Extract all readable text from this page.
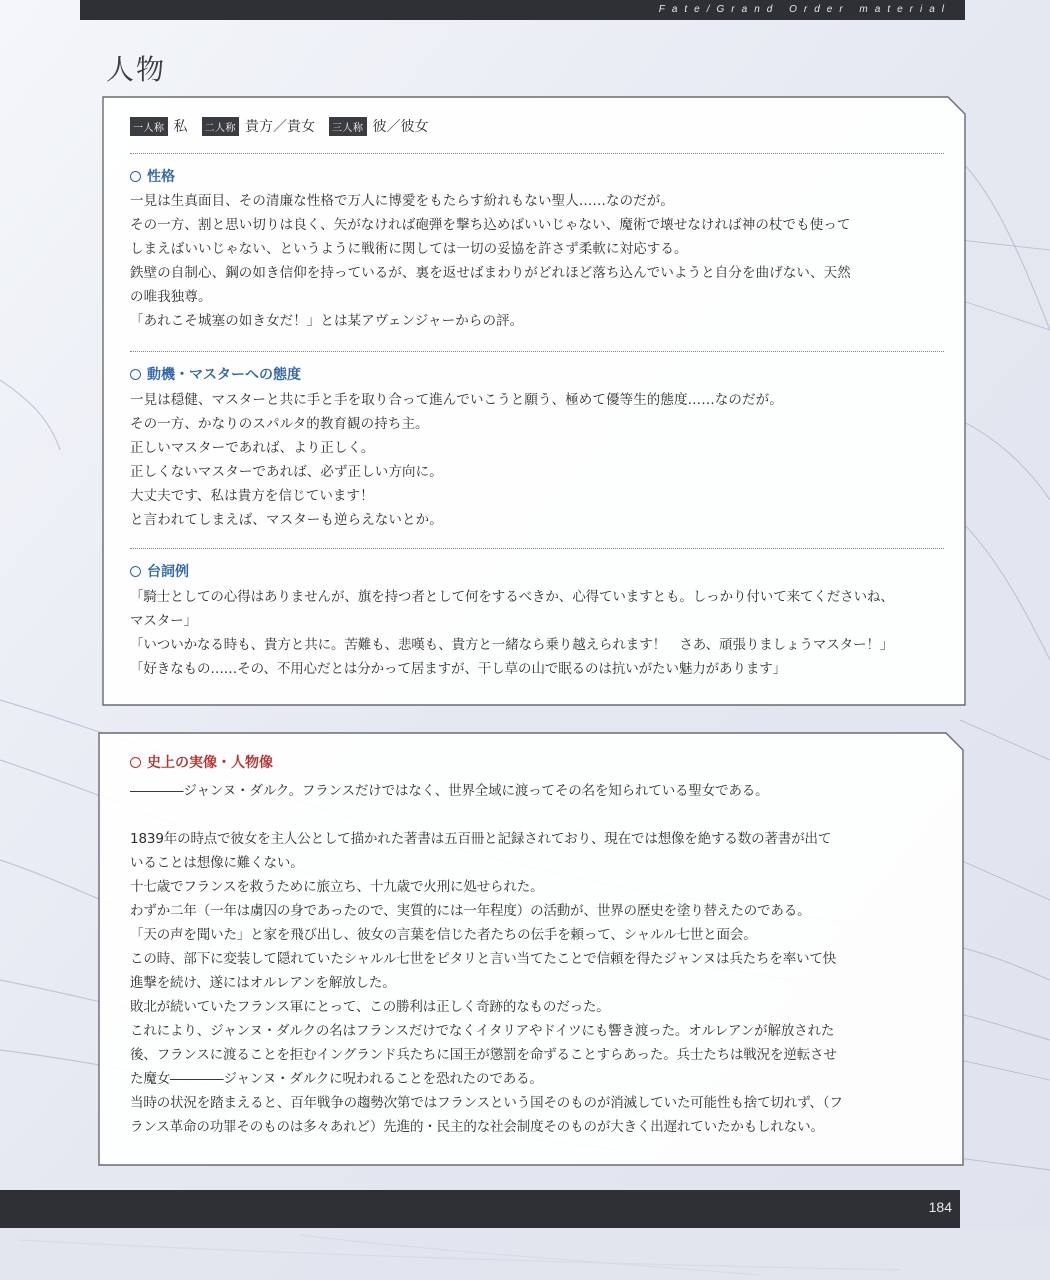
Fate/Grand Order material
人物
一人称 私	二人称 貴方／貴女	三人称 彼／彼女
性格
一見は生真面目、その清廉な性格で万人に博愛をもたらす紛れもない聖人……なのだが。
その一方、割と思い切りは良く、矢がなければ砲弾を撃ち込めばいいじゃない、魔術で壊せなければ神の杖でも使って
しまえばいいじゃない、というように戦術に関しては一切の妥協を許さず柔軟に対応する。
鉄壁の自制心、鋼の如き信仰を持っているが、裏を返せばまわりがどれほど落ち込んでいようと自分を曲げない、天然
の唯我独尊。
「あれこそ城塞の如き女だ！」とは某アヴェンジャーからの評。
動機・マスターへの態度
一見は穏健、マスターと共に手と手を取り合って進んでいこうと願う、極めて優等生的態度……なのだが。
その一方、かなりのスパルタ的教育観の持ち主。
正しいマスターであれば、より正しく。
正しくないマスターであれば、必ず正しい方向に。
大丈夫です、私は貴方を信じています！
と言われてしまえば、マスターも逆らえないとか。
台詞例
「騎士としての心得はありませんが、旗を持つ者として何をするべきか、心得ていますとも。しっかり付いて来てくださいね、
マスター」
「いついかなる時も、貴方と共に。苦難も、悲嘆も、貴方と一緒なら乗り越えられます！　さあ、頑張りましょうマスター！」
「好きなもの……その、不用心だとは分かって居ますが、干し草の山で眠るのは抗いがたい魅力があります」
史上の実像・人物像
――――ジャンヌ・ダルク。フランスだけではなく、世界全域に渡ってその名を知られている聖女である。
1839年の時点で彼女を主人公として描かれた著書は五百冊と記録されており、現在では想像を絶する数の著書が出て
いることは想像に難くない。
十七歳でフランスを救うために旅立ち、十九歳で火刑に処せられた。
わずか二年（一年は虜囚の身であったので、実質的には一年程度）の活動が、世界の歴史を塗り替えたのである。
「天の声を聞いた」と家を飛び出し、彼女の言葉を信じた者たちの伝手を頼って、シャルル七世と面会。
この時、部下に変装して隠れていたシャルル七世をピタリと言い当てたことで信頼を得たジャンヌは兵たちを率いて快
進撃を続け、遂にはオルレアンを解放した。
敗北が続いていたフランス軍にとって、この勝利は正しく奇跡的なものだった。
これにより、ジャンヌ・ダルクの名はフランスだけでなくイタリアやドイツにも響き渡った。オルレアンが解放された
後、フランスに渡ることを拒むイングランド兵たちに国王が懲罰を命ずることすらあった。兵士たちは戦況を逆転させ
た魔女――――ジャンヌ・ダルクに呪われることを恐れたのである。
当時の状況を踏まえると、百年戦争の趨勢次第ではフランスという国そのものが消滅していた可能性も捨て切れず、（フ
ランス革命の功罪そのものは多々あれど）先進的・民主的な社会制度そのものが大きく出遅れていたかもしれない。
184
